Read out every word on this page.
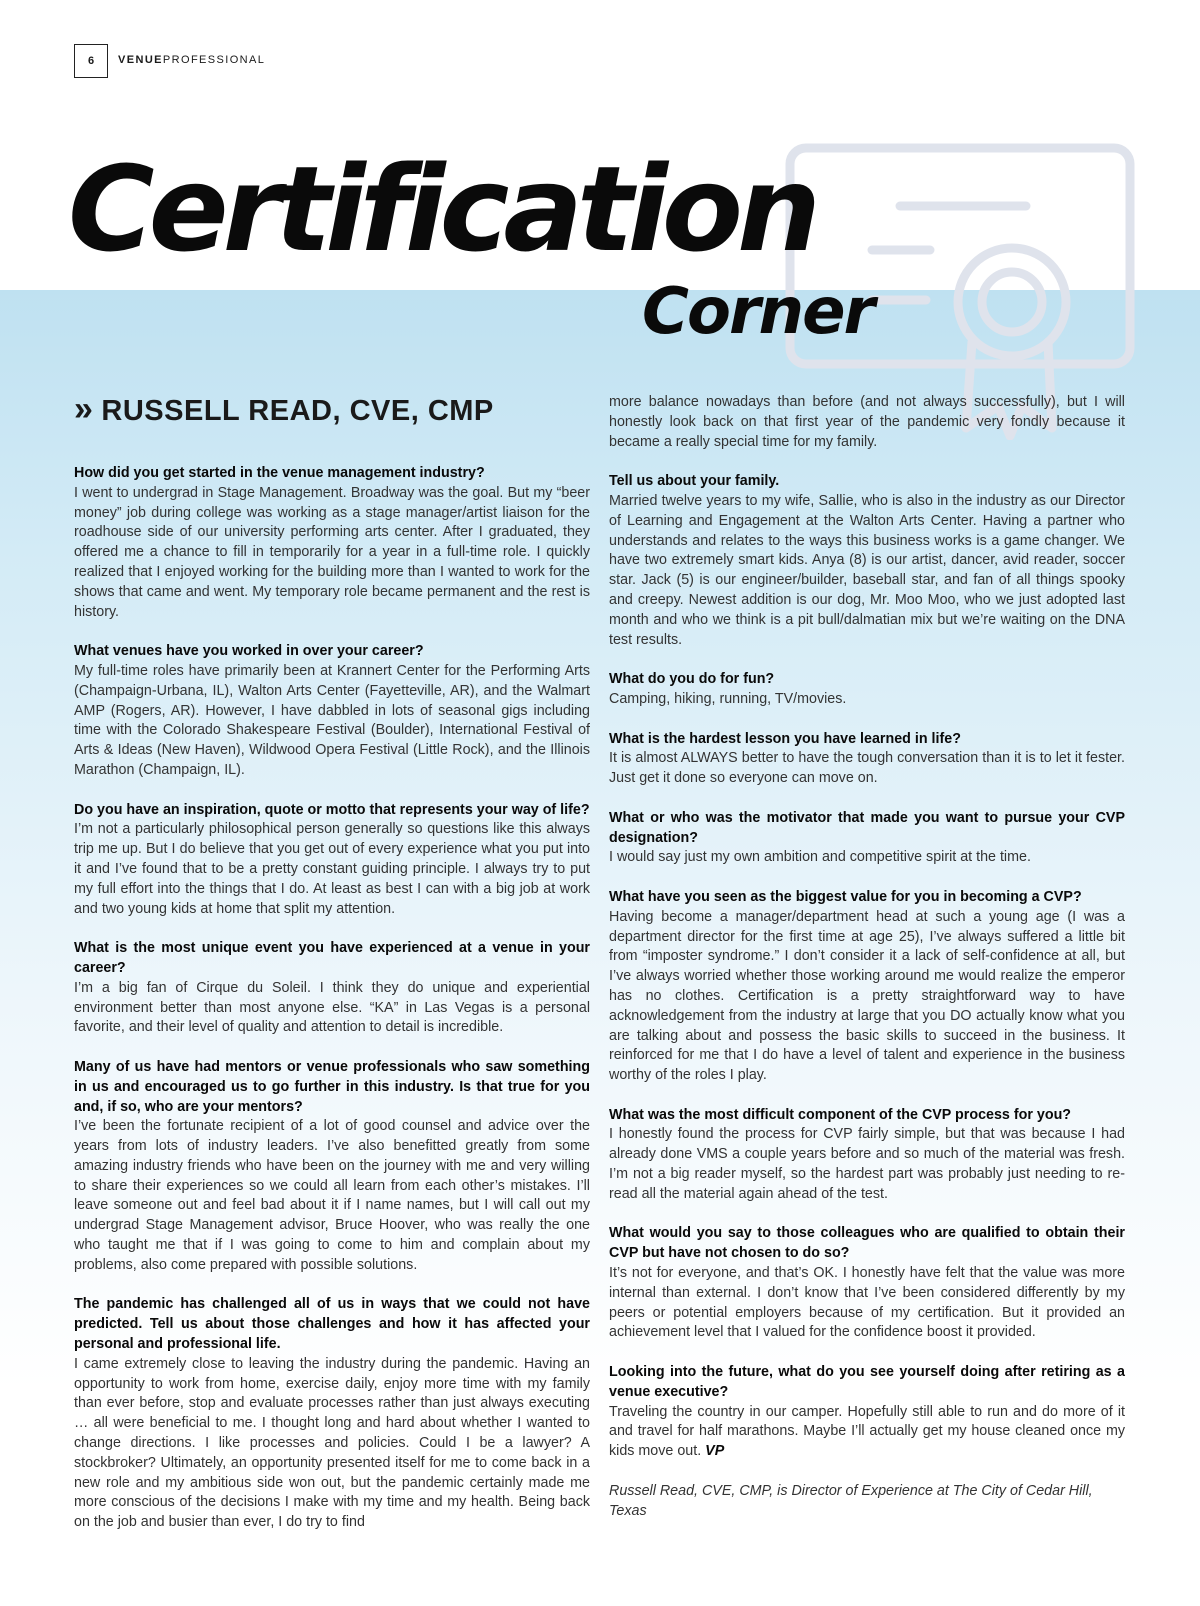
6	VENUEPROFESSIONAL
Certification
Corner
» RUSSELL READ, CVE, CMP
How did you get started in the venue management industry?
I went to undergrad in Stage Management. Broadway was the goal. But my “beer money” job during college was working as a stage manager/artist liaison for the roadhouse side of our university performing arts center. After I graduated, they offered me a chance to fill in temporarily for a year in a full-time role. I quickly realized that I enjoyed working for the building more than I wanted to work for the shows that came and went. My temporary role became permanent and the rest is history.
What venues have you worked in over your career?
My full-time roles have primarily been at Krannert Center for the Performing Arts (Champaign-Urbana, IL), Walton Arts Center (Fayetteville, AR), and the Walmart AMP (Rogers, AR). However, I have dabbled in lots of seasonal gigs including time with the Colorado Shakespeare Festival (Boulder), International Festival of Arts & Ideas (New Haven), Wildwood Opera Festival (Little Rock), and the Illinois Marathon (Champaign, IL).
Do you have an inspiration, quote or motto that represents your way of life?
I’m not a particularly philosophical person generally so questions like this always trip me up. But I do believe that you get out of every experience what you put into it and I’ve found that to be a pretty constant guiding principle. I always try to put my full effort into the things that I do. At least as best I can with a big job at work and two young kids at home that split my attention.
What is the most unique event you have experienced at a venue in your career?
I’m a big fan of Cirque du Soleil. I think they do unique and experiential environment better than most anyone else. “KA” in Las Vegas is a personal favorite, and their level of quality and attention to detail is incredible.
Many of us have had mentors or venue professionals who saw something in us and encouraged us to go further in this industry. Is that true for you and, if so, who are your mentors?
I’ve been the fortunate recipient of a lot of good counsel and advice over the years from lots of industry leaders. I’ve also benefitted greatly from some amazing industry friends who have been on the journey with me and very willing to share their experiences so we could all learn from each other’s mistakes. I’ll leave someone out and feel bad about it if I name names, but I will call out my undergrad Stage Management advisor, Bruce Hoover, who was really the one who taught me that if I was going to come to him and complain about my problems, also come prepared with possible solutions.
The pandemic has challenged all of us in ways that we could not have predicted. Tell us about those challenges and how it has affected your personal and professional life.
I came extremely close to leaving the industry during the pandemic. Having an opportunity to work from home, exercise daily, enjoy more time with my family than ever before, stop and evaluate processes rather than just always executing … all were beneficial to me. I thought long and hard about whether I wanted to change directions. I like processes and policies. Could I be a lawyer? A stockbroker? Ultimately, an opportunity presented itself for me to come back in a new role and my ambitious side won out, but the pandemic certainly made me more conscious of the decisions I make with my time and my health. Being back on the job and busier than ever, I do try to find
more balance nowadays than before (and not always successfully), but I will honestly look back on that first year of the pandemic very fondly because it became a really special time for my family.
Tell us about your family.
Married twelve years to my wife, Sallie, who is also in the industry as our Director of Learning and Engagement at the Walton Arts Center. Having a partner who understands and relates to the ways this business works is a game changer. We have two extremely smart kids. Anya (8) is our artist, dancer, avid reader, soccer star. Jack (5) is our engineer/builder, baseball star, and fan of all things spooky and creepy. Newest addition is our dog, Mr. Moo Moo, who we just adopted last month and who we think is a pit bull/dalmatian mix but we’re waiting on the DNA test results.
What do you do for fun?
Camping, hiking, running, TV/movies.
What is the hardest lesson you have learned in life?
It is almost ALWAYS better to have the tough conversation than it is to let it fester. Just get it done so everyone can move on.
What or who was the motivator that made you want to pursue your CVP designation?
I would say just my own ambition and competitive spirit at the time.
What have you seen as the biggest value for you in becoming a CVP?
Having become a manager/department head at such a young age (I was a department director for the first time at age 25), I’ve always suffered a little bit from “imposter syndrome.” I don’t consider it a lack of self-confidence at all, but I’ve always worried whether those working around me would realize the emperor has no clothes. Certification is a pretty straightforward way to have acknowledgement from the industry at large that you DO actually know what you are talking about and possess the basic skills to succeed in the business. It reinforced for me that I do have a level of talent and experience in the business worthy of the roles I play.
What was the most difficult component of the CVP process for you?
I honestly found the process for CVP fairly simple, but that was because I had already done VMS a couple years before and so much of the material was fresh. I’m not a big reader myself, so the hardest part was probably just needing to re-read all the material again ahead of the test.
What would you say to those colleagues who are qualified to obtain their CVP but have not chosen to do so?
It’s not for everyone, and that’s OK. I honestly have felt that the value was more internal than external. I don’t know that I’ve been considered differently by my peers or potential employers because of my certification. But it provided an achievement level that I valued for the confidence boost it provided.
Looking into the future, what do you see yourself doing after retiring as a venue executive?
Traveling the country in our camper. Hopefully still able to run and do more of it and travel for half marathons. Maybe I’ll actually get my house cleaned once my kids move out. VP
Russell Read, CVE, CMP, is Director of Experience at The City of Cedar Hill, Texas
